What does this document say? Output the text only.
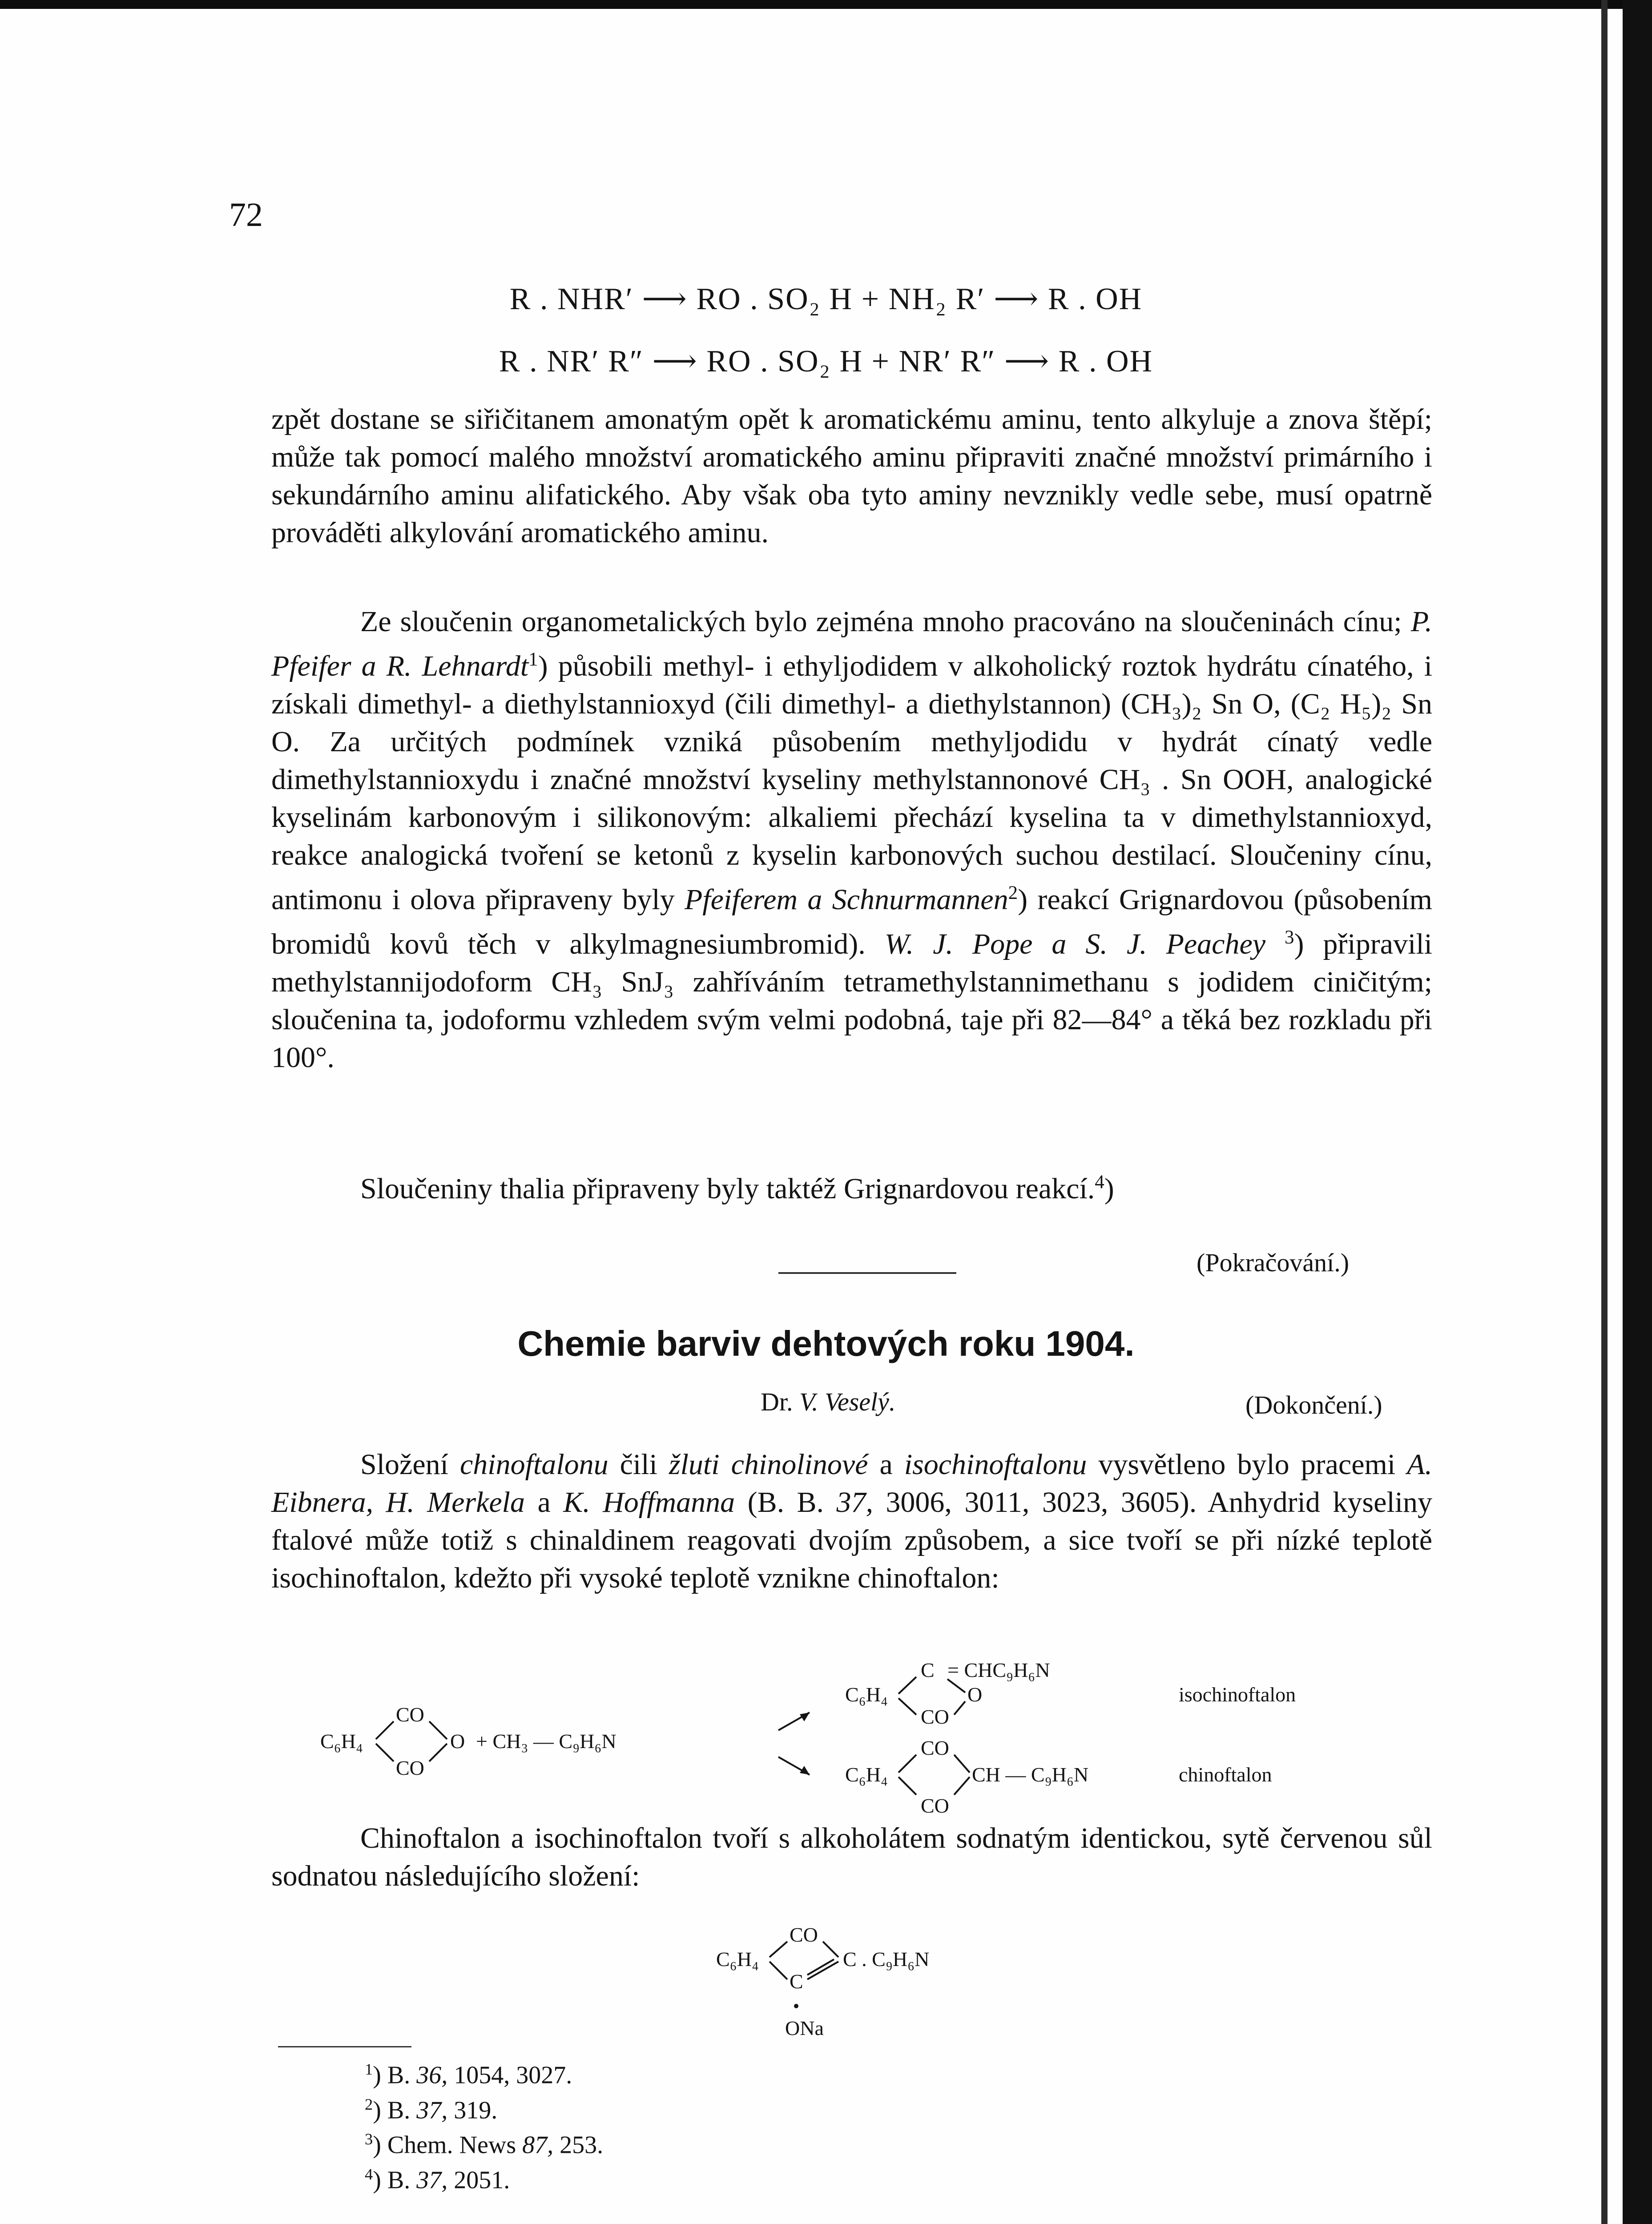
72
R . NHR′ ⟶ RO . SO₂ H + NH₂ R′ ⟶ R . OH
R . NR′ R″ ⟶ RO . SO₂ H + NR′ R″ ⟶ R . OH

zpět dostane se siřičitanem amonatým opět k aromatickému aminu, tento alkyluje a znova štěpí; může tak pomocí malého množství aromatického aminu připraviti značné množství primárního i sekundárního aminu alifatického. Aby však oba tyto aminy nevznikly vedle sebe, musí opatrně prováděti alkylování aromatického aminu.

Ze sloučenin organometalických bylo zejména mnoho pracováno na sloučeninách cínu; P. Pfeifer a R. Lehnardt$^1$) působili methyl- i ethyljodidem v alkoholický roztok hydrátu cínatého, i získali dimethyl- a diethylstannioxyd (čili dimethyl- a diethylstannon) (CH₃)₂ Sn O, (C₂ H₅)₂ Sn O. Za určitých podmínek vzniká působením methyljodidu v hydrát cínatý vedle dimethylstannioxydu i značné množství kyseliny methylstannonové CH₃ . Sn OOH, analogické kyselinám karbonovým i silikonovým: alkaliemi přechází kyselina ta v dimethylstannioxyd, reakce analogická tvoření se ketonů z kyselin karbonových suchou destilací. Sloučeniny cínu, antimonu i olova připraveny byly Pfeiferem a Schnurmannen$^2$) reakcí Grignardovou (působením bromidů kovů těch v alkylmagnesiumbromid). W. J. Pope a S. J. Peachey $^3$) připravili methylstannijodoform CH₃ SnJ₃ zahříváním tetramethylstannimethanu s jodidem ciničitým; sloučenina ta, jodoformu vzhledem svým velmi podobná, taje při 82—84° a těká bez rozkladu při 100°.

Sloučeniny thalia připraveny byly taktéž Grignardovou reakcí.$^4$)

(Pokračování.)
Chemie barviv dehtových roku 1904.
Dr. V. Veselý.	(Dokončení.)

Složení chinoftalonu čili žluti chinolinové a isochinoftalonu vysvětleno bylo pracemi A. Eibnera, H. Merkela a K. Hoffmanna (B. B. 37, 3006, 3011, 3023, 3605). Anhydrid kyseliny ftalové může totiž s chinaldinem reagovati dvojím způsobem, a sice tvoří se při nízké teplotě isochinoftalon, kdežto při vysoké teplotě vznikne chinoftalon:

C₆H₄
CO
CO
O + CH₃ — C₉H₆N
C₆H₄
C = CHC₉H₆N
CO
O	isochinoftalon
C₆H₄
CO
CO
CH — C₉H₆N	chinoftalon

Chinoftalon a isochinoftalon tvoří s alkoholátem sodnatým identickou, sytě červenou sůl sodnatou následujícího složení:

C₆H₄
CO
C
C . C₉H₆N
ONa
$^1$) B. 36, 1054, 3027.
$^2$) B. 37, 319.
$^3$) Chem. News 87, 253.
$^4$) B. 37, 2051.
